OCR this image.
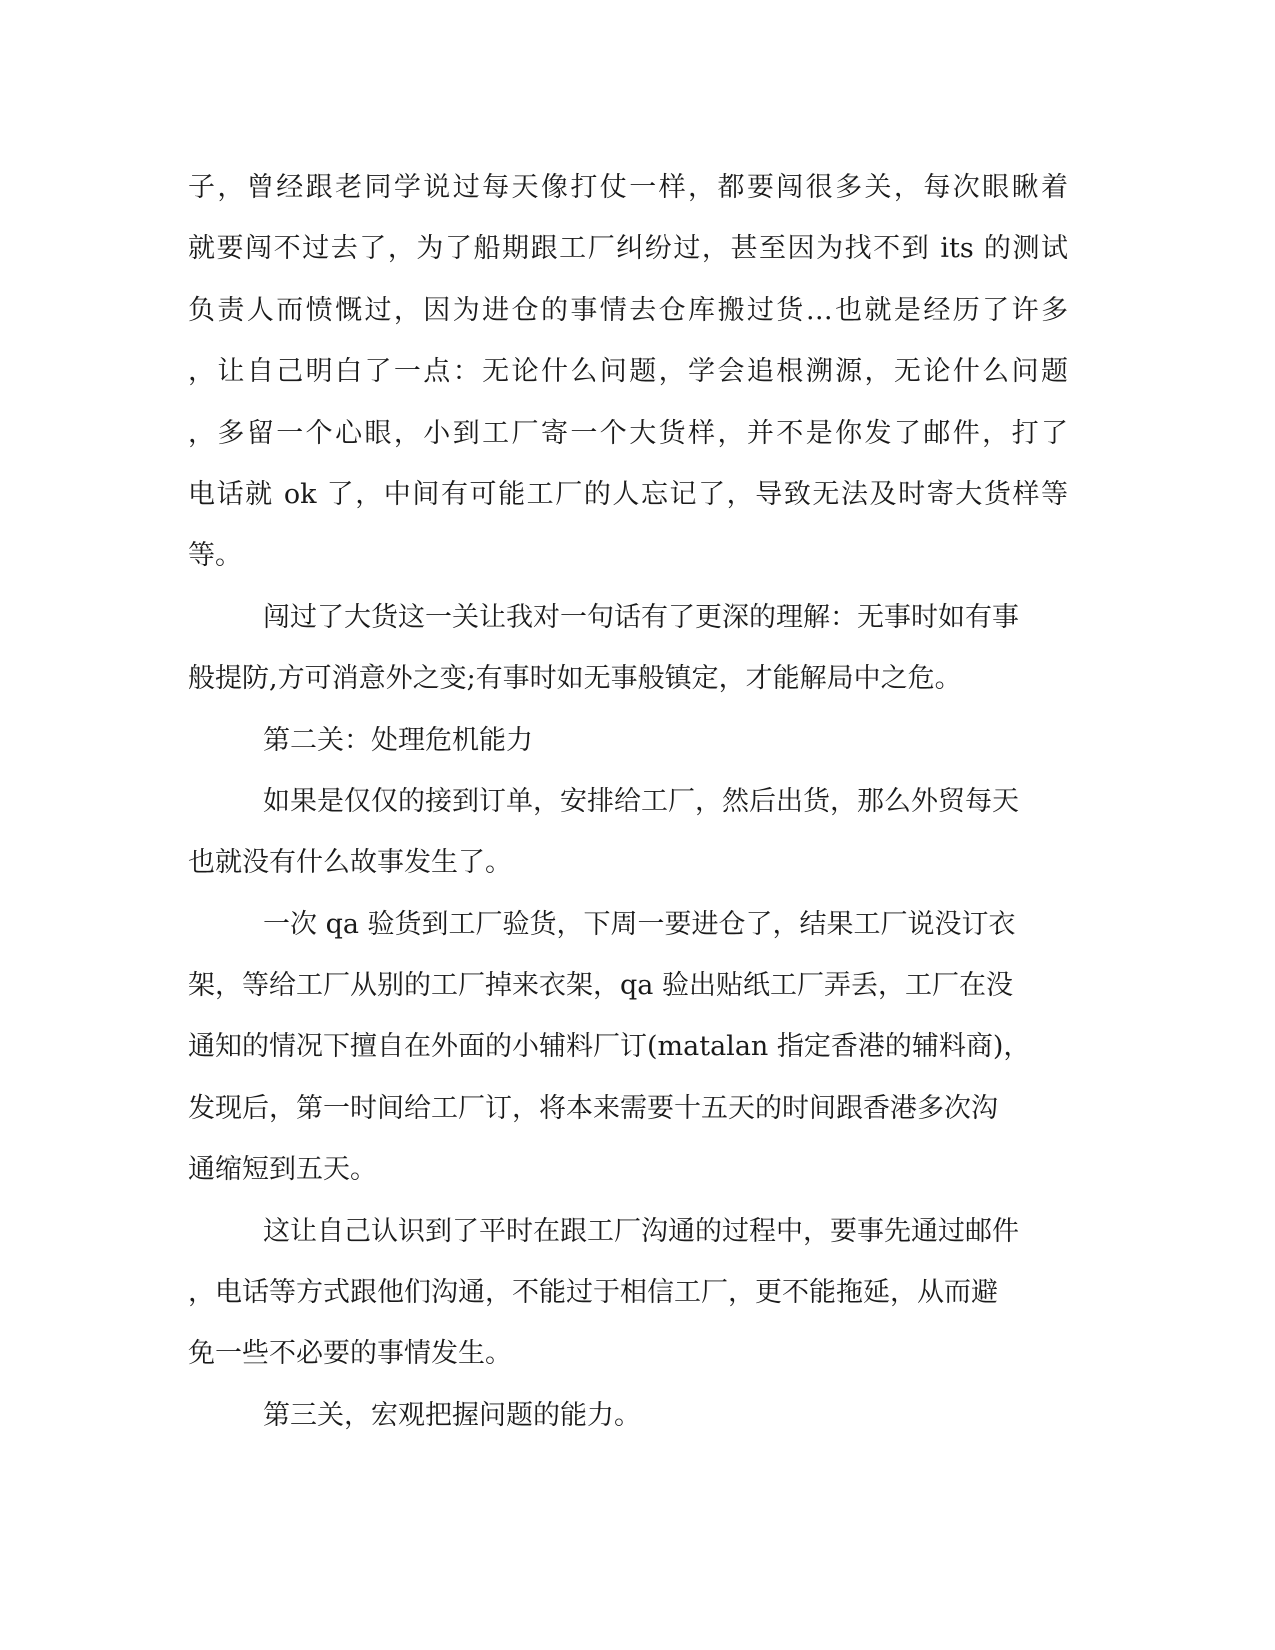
子，曾经跟老同学说过每天像打仗一样，都要闯很多关，每次眼瞅着
就要闯不过去了，为了船期跟工厂纠纷过，甚至因为找不到 its 的测试
负责人而愤慨过，因为进仓的事情去仓库搬过货…也就是经历了许多
，让自己明白了一点：无论什么问题，学会追根溯源，无论什么问题
，多留一个心眼，小到工厂寄一个大货样，并不是你发了邮件，打了
电话就 ok 了，中间有可能工厂的人忘记了，导致无法及时寄大货样等
等。
闯过了大货这一关让我对一句话有了更深的理解：无事时如有事
般提防,方可消意外之变;有事时如无事般镇定，才能解局中之危。
第二关：处理危机能力
如果是仅仅的接到订单，安排给工厂，然后出货，那么外贸每天
也就没有什么故事发生了。
一次 qa 验货到工厂验货，下周一要进仓了，结果工厂说没订衣
架，等给工厂从别的工厂掉来衣架，qa 验出贴纸工厂弄丢，工厂在没
通知的情况下擅自在外面的小辅料厂订(matalan 指定香港的辅料商)，
发现后，第一时间给工厂订，将本来需要十五天的时间跟香港多次沟
通缩短到五天。
这让自己认识到了平时在跟工厂沟通的过程中，要事先通过邮件
，电话等方式跟他们沟通，不能过于相信工厂，更不能拖延，从而避
免一些不必要的事情发生。
第三关，宏观把握问题的能力。
